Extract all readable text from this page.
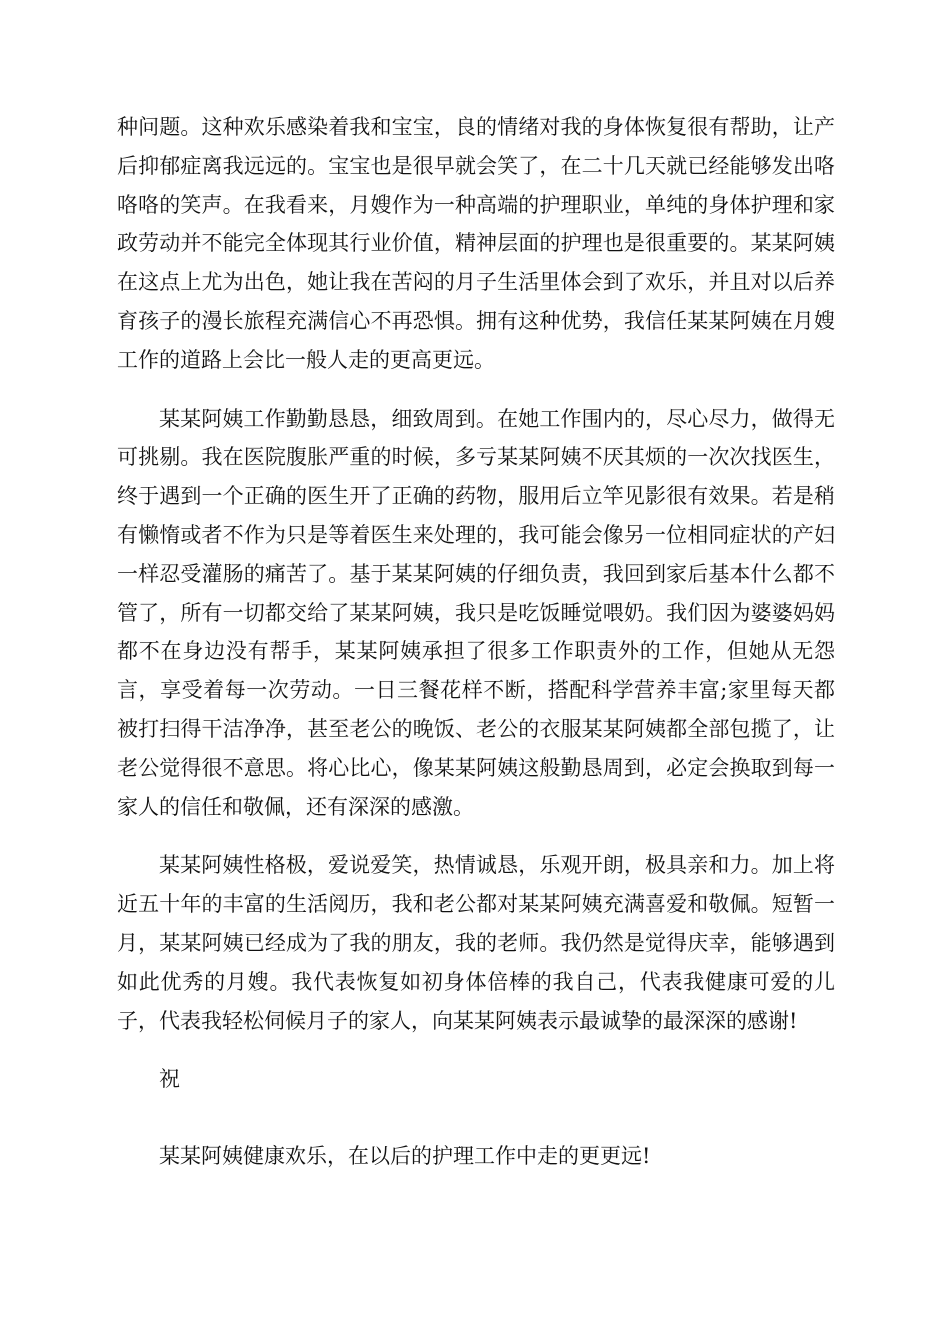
种问题。这种欢乐感染着我和宝宝，良的情绪对我的身体恢复很有帮助，让产后抑郁症离我远远的。宝宝也是很早就会笑了，在二十几天就已经能够发出咯咯咯的笑声。在我看来，月嫂作为一种高端的护理职业，单纯的身体护理和家政劳动并不能完全体现其行业价值，精神层面的护理也是很重要的。某某阿姨在这点上尤为出色，她让我在苦闷的月子生活里体会到了欢乐，并且对以后养育孩子的漫长旅程充满信心不再恐惧。拥有这种优势，我信任某某阿姨在月嫂工作的道路上会比一般人走的更高更远。

某某阿姨工作勤勤恳恳，细致周到。在她工作围内的，尽心尽力，做得无可挑剔。我在医院腹胀严重的时候，多亏某某阿姨不厌其烦的一次次找医生，终于遇到一个正确的医生开了正确的药物，服用后立竿见影很有效果。若是稍有懒惰或者不作为只是等着医生来处理的，我可能会像另一位相同症状的产妇一样忍受灌肠的痛苦了。基于某某阿姨的仔细负责，我回到家后基本什么都不管了，所有一切都交给了某某阿姨，我只是吃饭睡觉喂奶。我们因为婆婆妈妈都不在身边没有帮手，某某阿姨承担了很多工作职责外的工作，但她从无怨言，享受着每一次劳动。一日三餐花样不断，搭配科学营养丰富;家里每天都被打扫得干洁净净，甚至老公的晚饭、老公的衣服某某阿姨都全部包揽了，让老公觉得很不意思。将心比心，像某某阿姨这般勤恳周到，必定会换取到每一家人的信任和敬佩，还有深深的感激。

某某阿姨性格极，爱说爱笑，热情诚恳，乐观开朗，极具亲和力。加上将近五十年的丰富的生活阅历，我和老公都对某某阿姨充满喜爱和敬佩。短暂一月，某某阿姨已经成为了我的朋友，我的老师。我仍然是觉得庆幸，能够遇到如此优秀的月嫂。我代表恢复如初身体倍棒的我自己，代表我健康可爱的儿子，代表我轻松伺候月子的家人，向某某阿姨表示最诚挚的最深深的感谢!

祝

某某阿姨健康欢乐，在以后的护理工作中走的更更远!
